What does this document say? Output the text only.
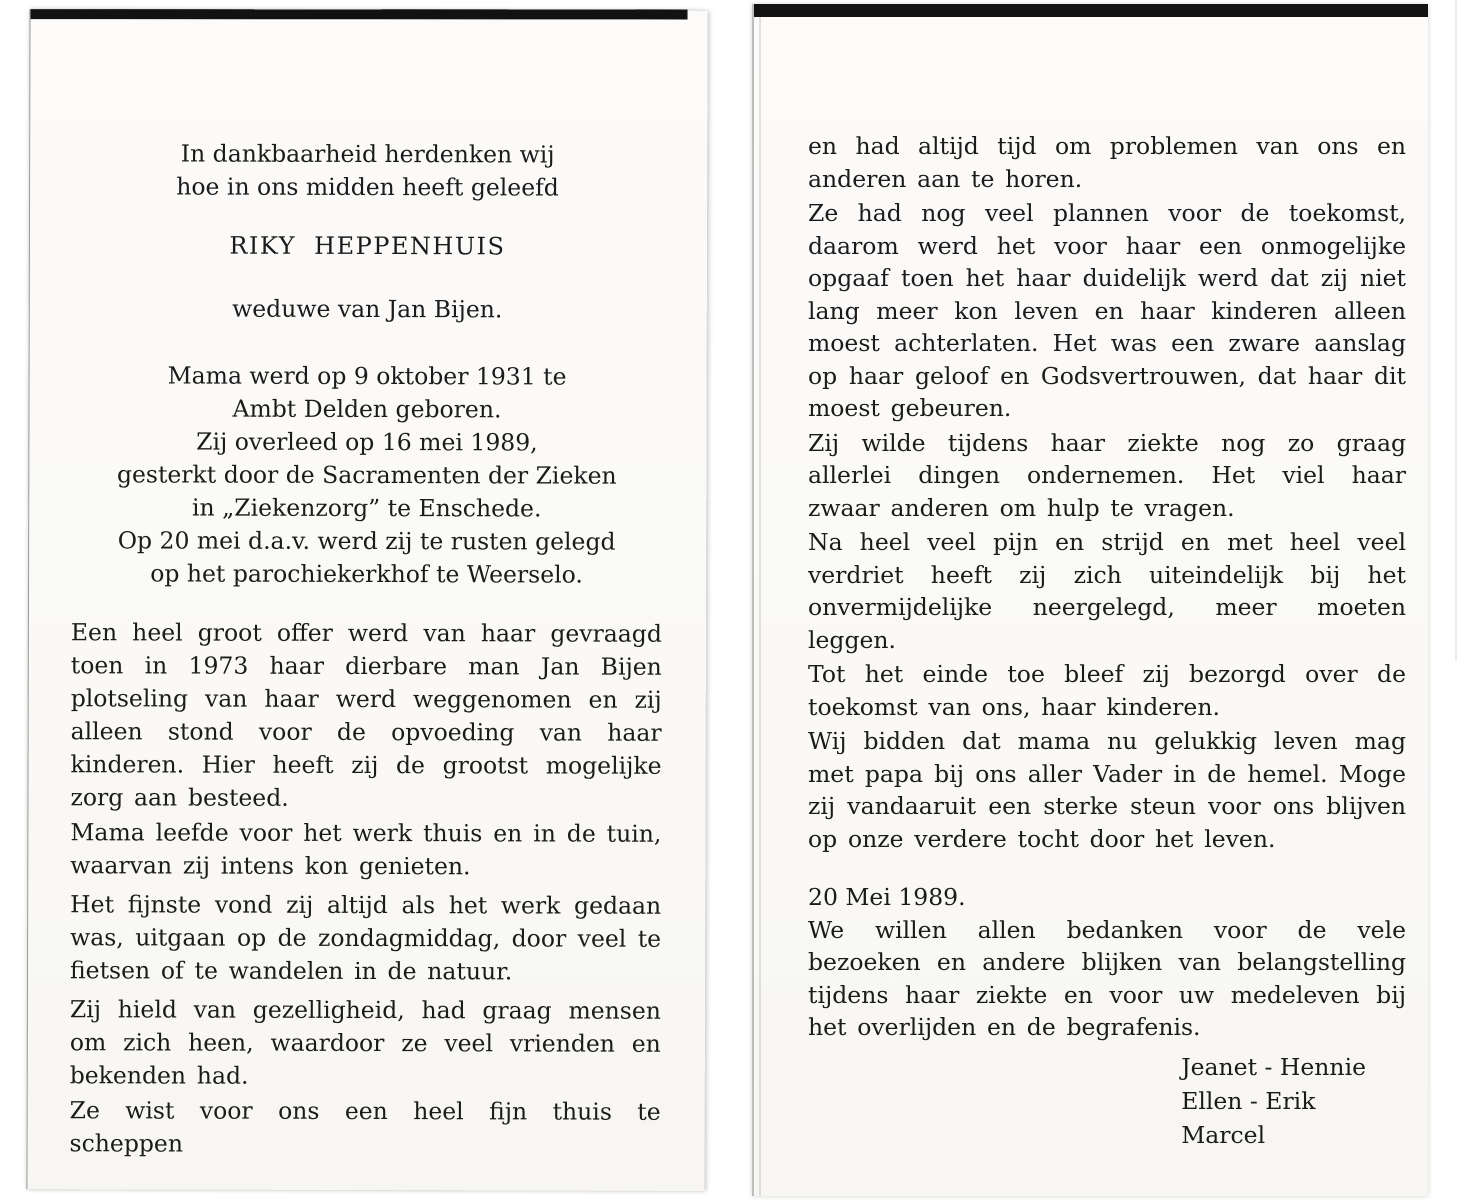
In dankbaarheid herdenken wij
hoe in ons midden heeft geleefd
RIKY HEPPENHUIS
weduwe van Jan Bijen.
Mama werd op 9 oktober 1931 te
Ambt Delden geboren.
Zij overleed op 16 mei 1989,
gesterkt door de Sacramenten der Zieken
in „Ziekenzorg” te Enschede.
Op 20 mei d.a.v. werd zij te rusten gelegd
op het parochiekerkhof te Weerselo.

Een heel groot offer werd van haar gevraagd toen in 1973 haar dierbare man Jan Bijen plotseling van haar werd weggenomen en zij alleen stond voor de opvoeding van haar kinderen. Hier heeft zij de grootst mogelijke zorg aan besteed.

Mama leefde voor het werk thuis en in de tuin, waarvan zij intens kon genieten.

Het fijnste vond zij altijd als het werk gedaan was, uitgaan op de zondagmiddag, door veel te fietsen of te wandelen in de natuur.

Zij hield van gezelligheid, had graag mensen om zich heen, waardoor ze veel vrienden en bekenden had.

Ze wist voor ons een heel fijn thuis te scheppen

en had altijd tijd om problemen van ons en anderen aan te horen.

Ze had nog veel plannen voor de toekomst, daarom werd het voor haar een onmogelijke opgaaf toen het haar duidelijk werd dat zij niet lang meer kon leven en haar kinderen alleen moest achterlaten. Het was een zware aanslag op haar geloof en Godsvertrouwen, dat haar dit moest gebeuren.

Zij wilde tijdens haar ziekte nog zo graag allerlei dingen ondernemen. Het viel haar zwaar anderen om hulp te vragen.

Na heel veel pijn en strijd en met heel veel verdriet heeft zij zich uiteindelijk bij het onvermijdelijke neergelegd, meer moeten leggen.

Tot het einde toe bleef zij bezorgd over de toekomst van ons, haar kinderen.

Wij bidden dat mama nu gelukkig leven mag met papa bij ons aller Vader in de hemel. Moge zij vandaaruit een sterke steun voor ons blijven op onze verdere tocht door het leven.

20 Mei 1989.

We willen allen bedanken voor de vele bezoeken en andere blijken van belangstelling tijdens haar ziekte en voor uw medeleven bij het overlijden en de begrafenis.

Jeanet - Hennie
Ellen - Erik
Marcel
